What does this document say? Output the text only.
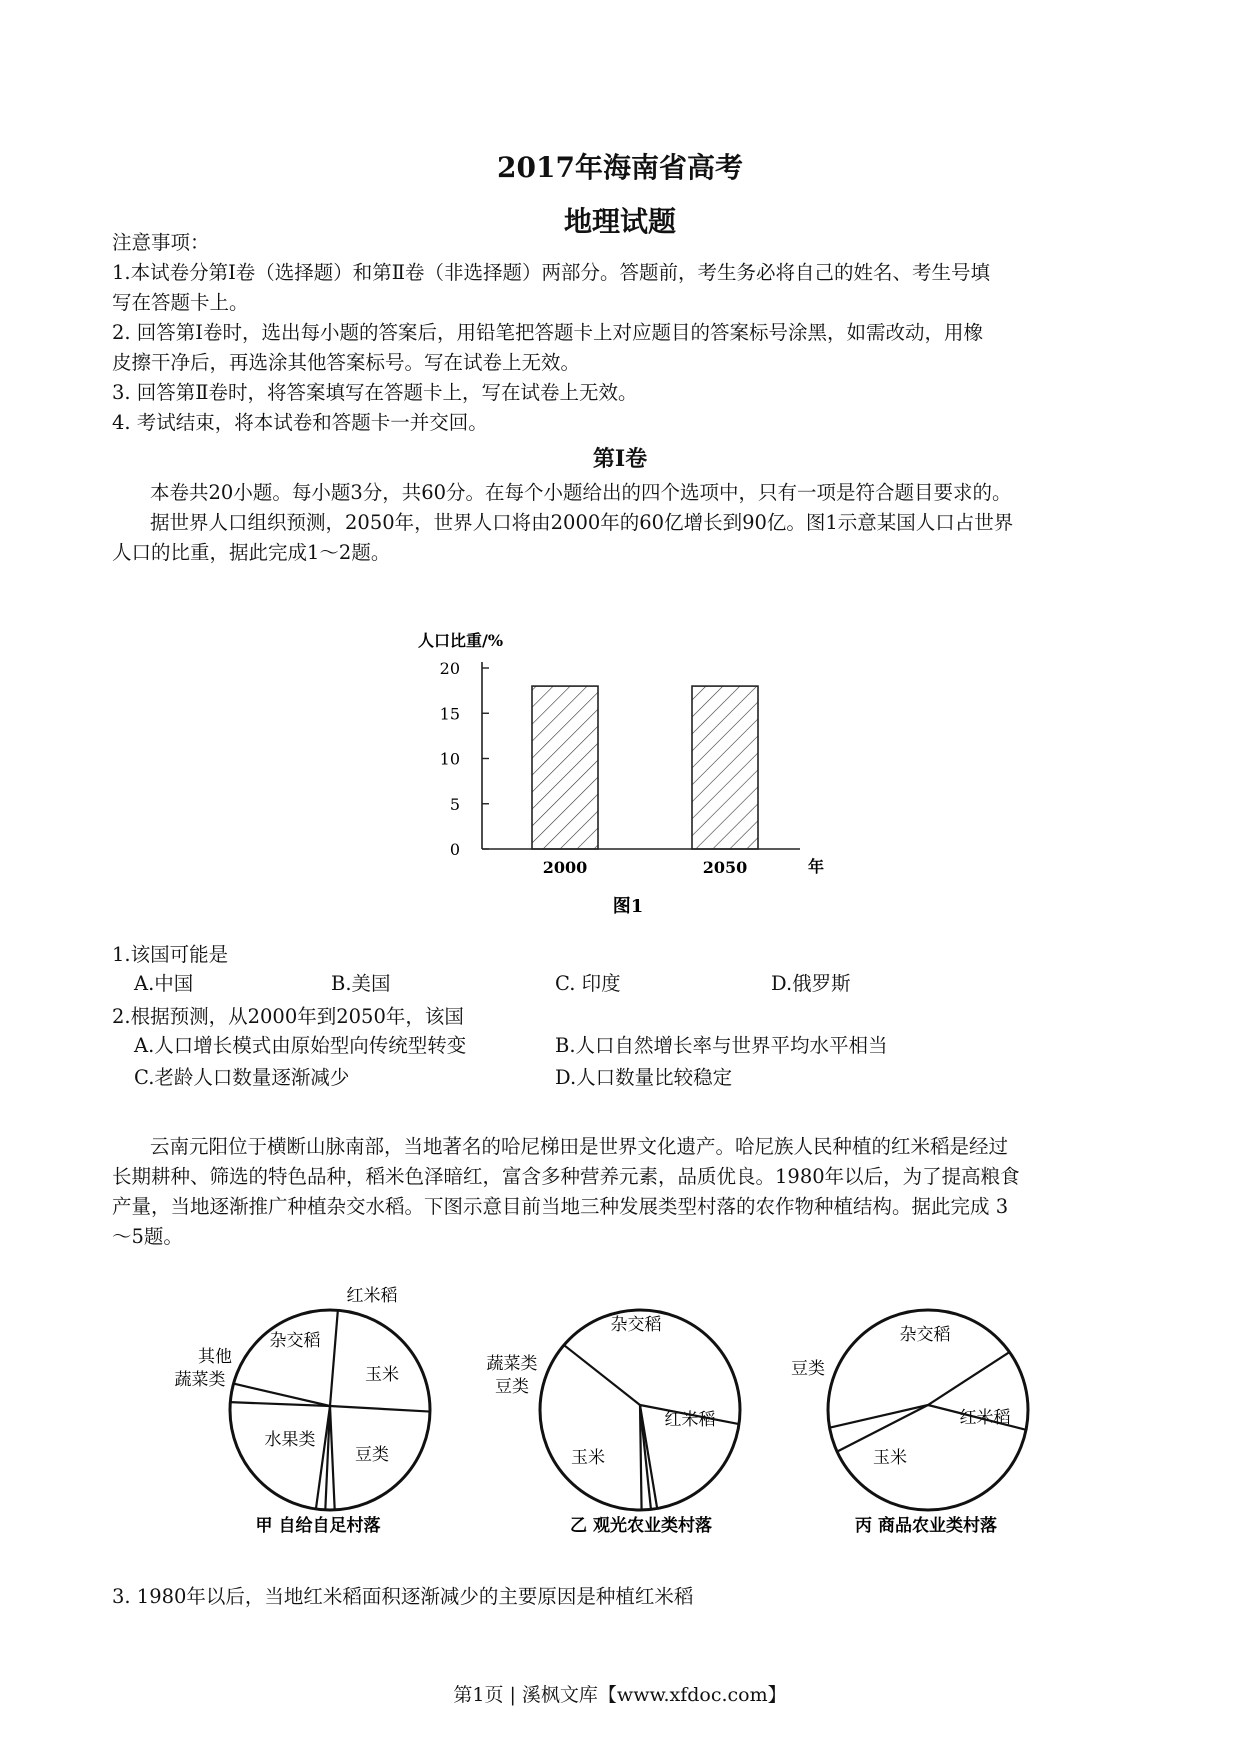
2017年海南省高考
地理试题
注意事项：
1.本试卷分第Ⅰ卷（选择题）和第Ⅱ卷（非选择题）两部分。答题前，考生务必将自己的姓名、考生号填
写在答题卡上。
2. 回答第Ⅰ卷时，选出每小题的答案后，用铅笔把答题卡上对应题目的答案标号涂黑，如需改动，用橡
皮擦干净后，再选涂其他答案标号。写在试卷上无效。
3. 回答第Ⅱ卷时，将答案填写在答题卡上，写在试卷上无效。
4. 考试结束，将本试卷和答题卡一并交回。
第Ⅰ卷
本卷共20小题。每小题3分，共60分。在每个小题给出的四个选项中，只有一项是符合题目要求的。
据世界人口组织预测，2050年，世界人口将由2000年的60亿增长到90亿。图1示意某国人口占世界
人口的比重，据此完成1～2题。
人口比重/%
0
5
10
15
20
2000	2050	年
图1
1.该国可能是
A.中国	B.美国	C. 印度	D.俄罗斯
2.根据预测，从2000年到2050年，该国
A.人口增长模式由原始型向传统型转变	B.人口自然增长率与世界平均水平相当
C.老龄人口数量逐渐减少	D.人口数量比较稳定
云南元阳位于横断山脉南部，当地著名的哈尼梯田是世界文化遗产。哈尼族人民种植的红米稻是经过
长期耕种、筛选的特色品种，稻米色泽暗红，富含多种营养元素，品质优良。1980年以后，为了提高粮食
产量，当地逐渐推广种植杂交水稻。下图示意目前当地三种发展类型村落的农作物种植结构。据此完成 3
～5题。
红米稻
玉米
豆类
水果类
蔬菜类
其他
杂交稻
甲 自给自足村落
红米稻
玉米
豆类
蔬菜类
杂交稻
乙 观光农业类村落
杂交稻
红米稻
玉米
豆类
丙 商品农业类村落
3. 1980年以后，当地红米稻面积逐渐减少的主要原因是种植红米稻
第1页 | 溪枫文库【www.xfdoc.com】
